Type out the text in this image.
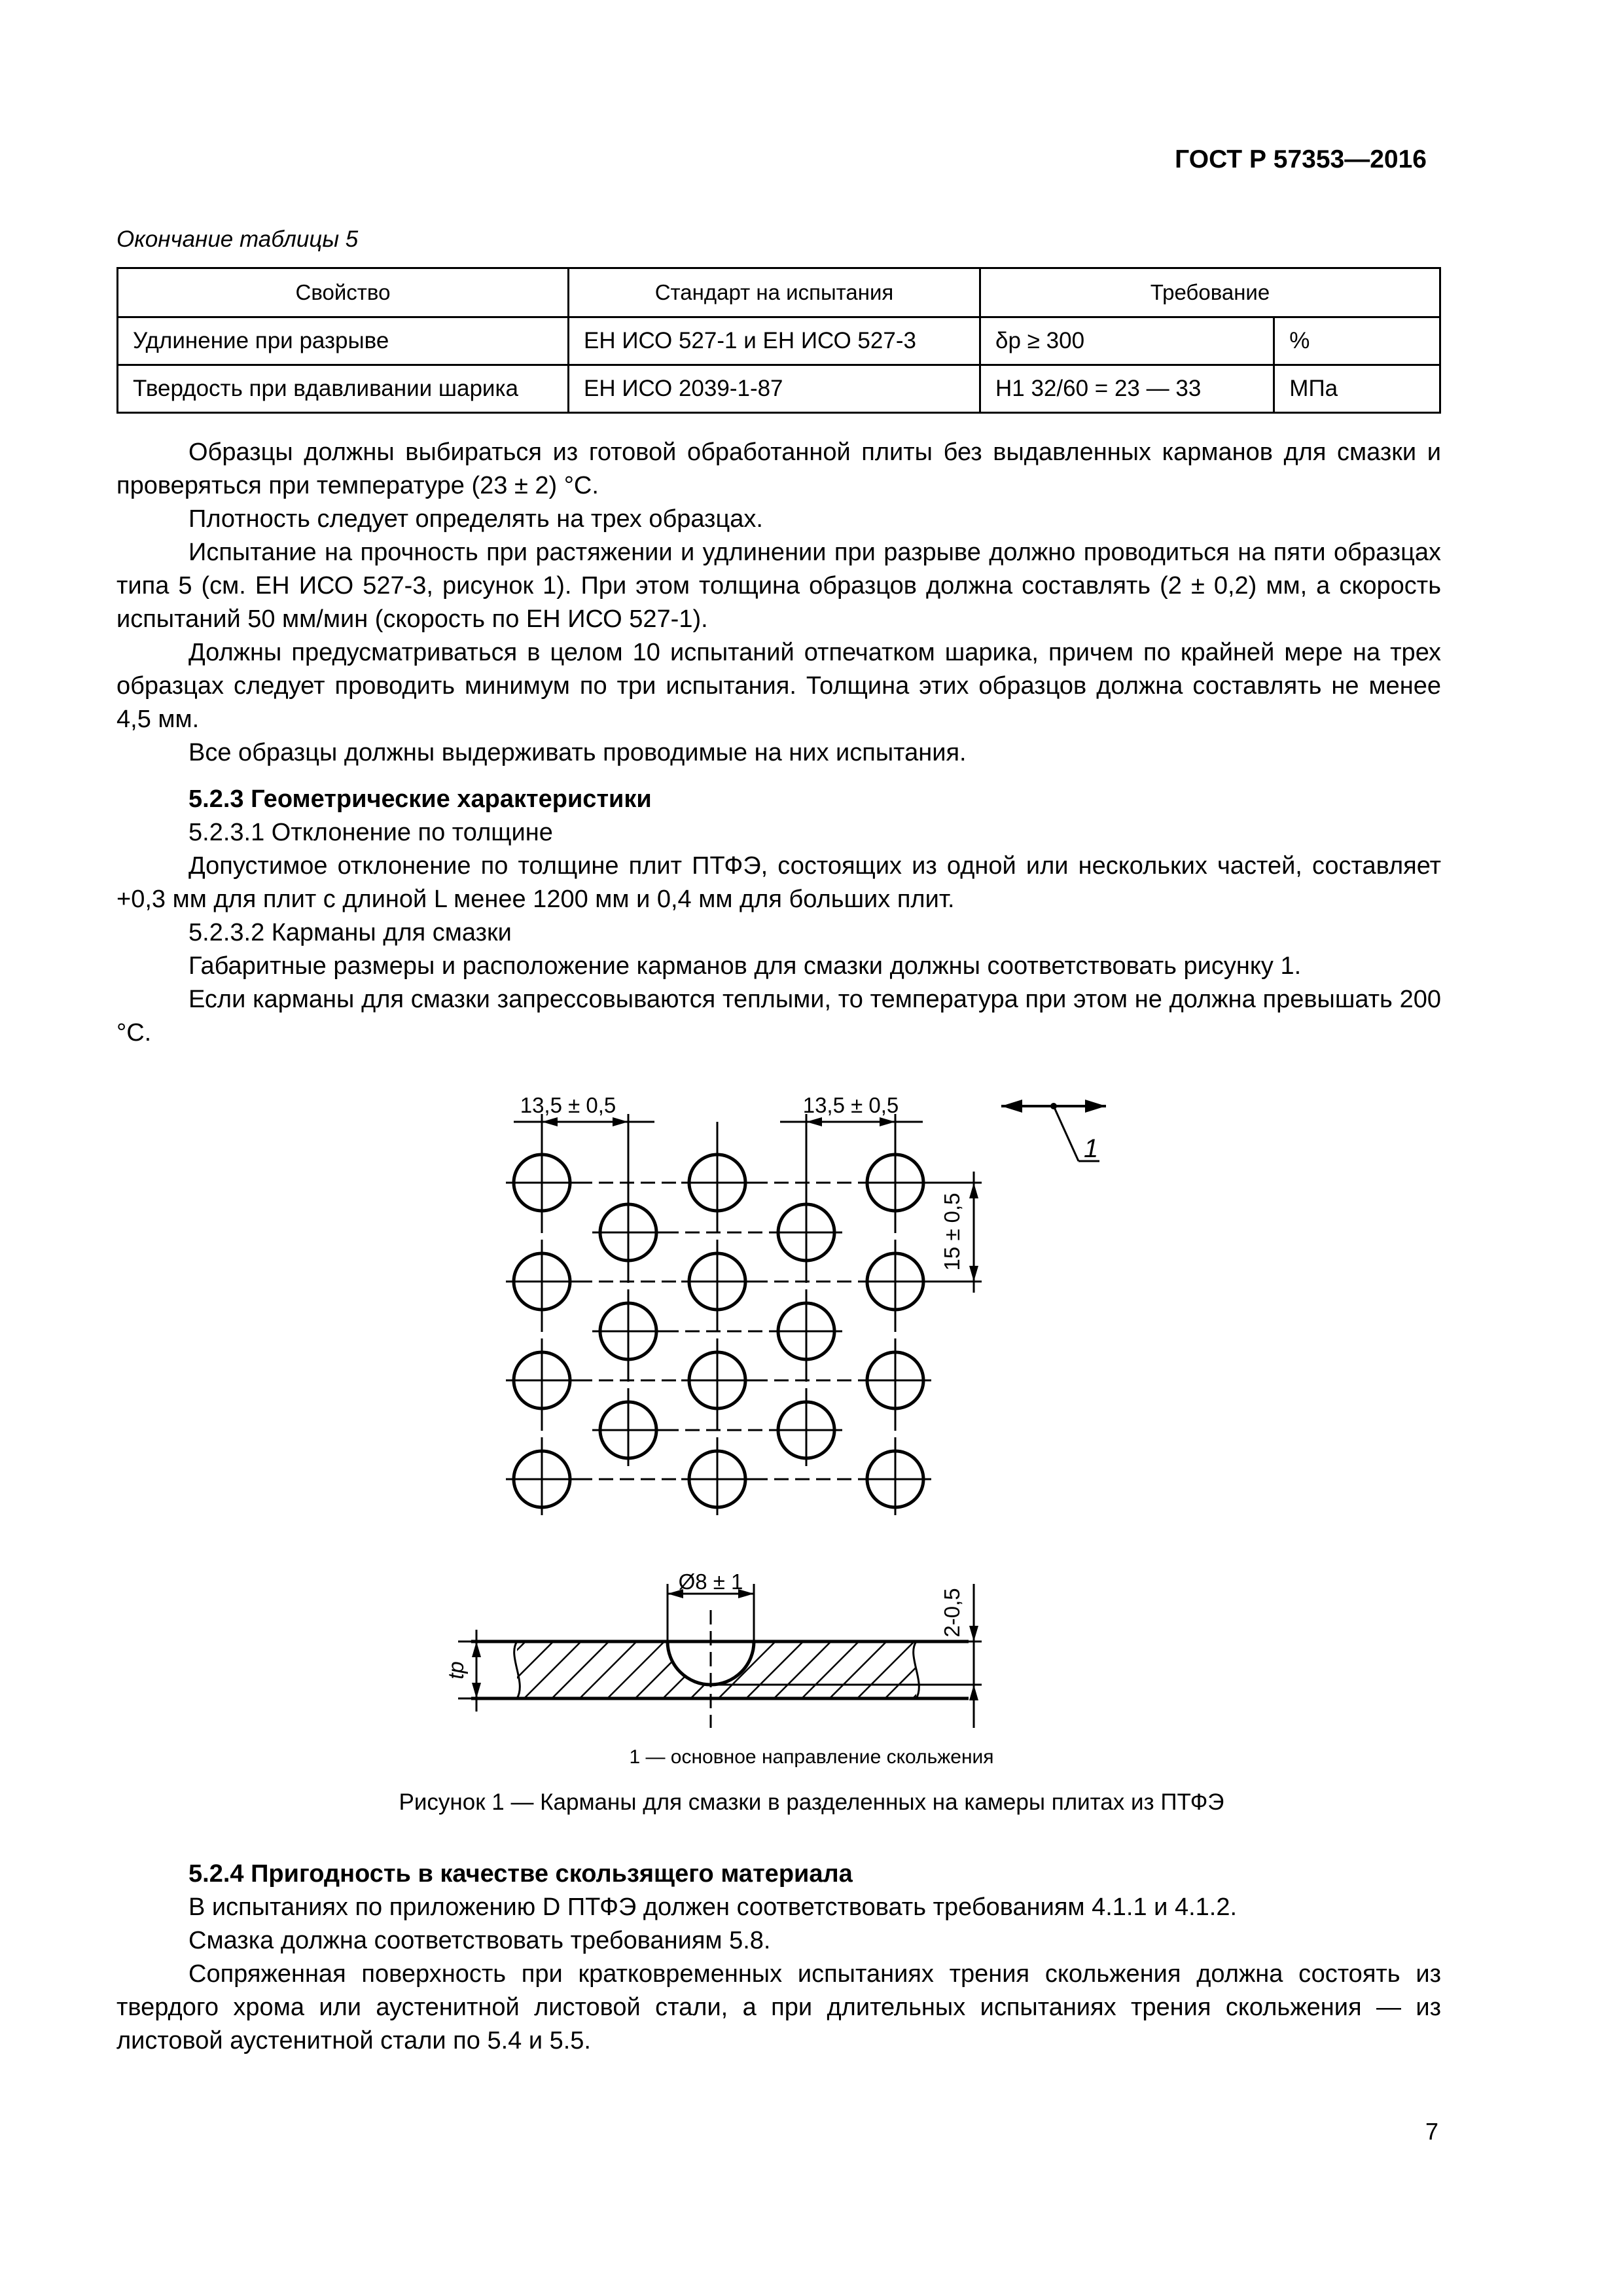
ГОСТ Р 57353—2016
Окончание таблицы 5
Свойство	Стандарт на испытания	Требование	
Удлинение при разрыве	ЕН ИСО 527-1 и ЕН ИСО 527-3	δр ≥ 300	%
Твердость при вдавливании шарика	ЕН ИСО 2039-1-87	Н1 32/60 = 23 — 33	МПа

Образцы должны выбираться из готовой обработанной плиты без выдавленных карманов для смазки и проверяться при температуре (23 ± 2) °С.

Плотность следует определять на трех образцах.

Испытание на прочность при растяжении и удлинении при разрыве должно проводиться на пяти образцах типа 5 (см. ЕН ИСО 527-3, рисунок 1). При этом толщина образцов должна составлять (2 ± 0,2) мм, а скорость испытаний 50 мм/мин (скорость по ЕН ИСО 527-1).

Должны предусматриваться в целом 10 испытаний отпечатком шарика, причем по крайней мере на трех образцах следует проводить минимум по три испытания. Толщина этих образцов должна составлять не менее 4,5 мм.

Все образцы должны выдерживать проводимые на них испытания.

5.2.3 Геометрические характеристики
5.2.3.1 Отклонение по толщине

Допустимое отклонение по толщине плит ПТФЭ, состоящих из одной или нескольких частей, составляет +0,3 мм для плит с длиной L менее 1200 мм и 0,4 мм для больших плит.

5.2.3.2 Карманы для смазки

Габаритные размеры и расположение карманов для смазки должны соответствовать рисунку 1.

Если карманы для смазки запрессовываются теплыми, то температура при этом не должна превышать 200 °С.

13,5 ± 0,5	13,5 ± 0,5
15 ± 0,5
1
Ø8 ± 1
2-0,5
tp
1 — основное направление скольжения
Рисунок 1 — Карманы для смазки в разделенных на камеры плитах из ПТФЭ
5.2.4 Пригодность в качестве скользящего материала

В испытаниях по приложению D ПТФЭ должен соответствовать требованиям 4.1.1 и 4.1.2.

Смазка должна соответствовать требованиям 5.8.

Сопряженная поверхность при кратковременных испытаниях трения скольжения должна состоять из твердого хрома или аустенитной листовой стали, а при длительных испытаниях трения скольжения — из листовой аустенитной стали по 5.4 и 5.5.

7
